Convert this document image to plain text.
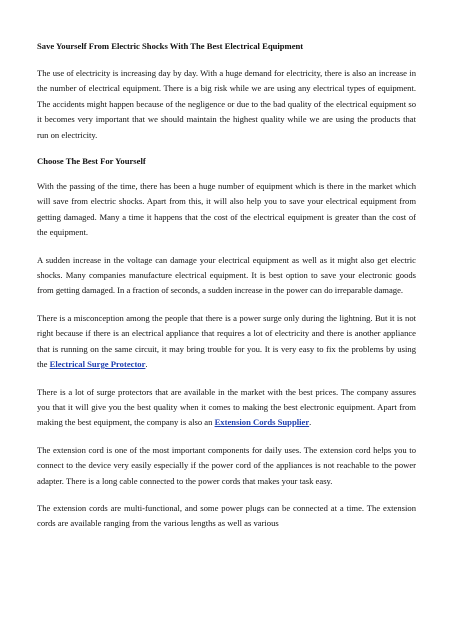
Save Yourself From Electric Shocks With The Best Electrical Equipment

The use of electricity is increasing day by day. With a huge demand for electricity, there is also an increase in the number of electrical equipment. There is a big risk while we are using any electrical types of equipment. The accidents might happen because of the negligence or due to the bad quality of the electrical equipment so it becomes very important that we should maintain the highest quality while we are using the products that run on electricity.

Choose The Best For Yourself

With the passing of the time, there has been a huge number of equipment which is there in the market which will save from electric shocks. Apart from this, it will also help you to save your electrical equipment from getting damaged. Many a time it happens that the cost of the electrical equipment is greater than the cost of the equipment.

A sudden increase in the voltage can damage your electrical equipment as well as it might also get electric shocks. Many companies manufacture electrical equipment. It is best option to save your electronic goods from getting damaged. In a fraction of seconds, a sudden increase in the power can do irreparable damage.

There is a misconception among the people that there is a power surge only during the lightning. But it is not right because if there is an electrical appliance that requires a lot of electricity and there is another appliance that is running on the same circuit, it may bring trouble for you. It is very easy to fix the problems by using the Electrical Surge Protector.

There is a lot of surge protectors that are available in the market with the best prices. The company assures you that it will give you the best quality when it comes to making the best electronic equipment. Apart from making the best equipment, the company is also an Extension Cords Supplier.

The extension cord is one of the most important components for daily uses. The extension cord helps you to connect to the device very easily especially if the power cord of the appliances is not reachable to the power adapter. There is a long cable connected to the power cords that makes your task easy.

The extension cords are multi-functional, and some power plugs can be connected at a time. The extension cords are available ranging from the various lengths as well as various
